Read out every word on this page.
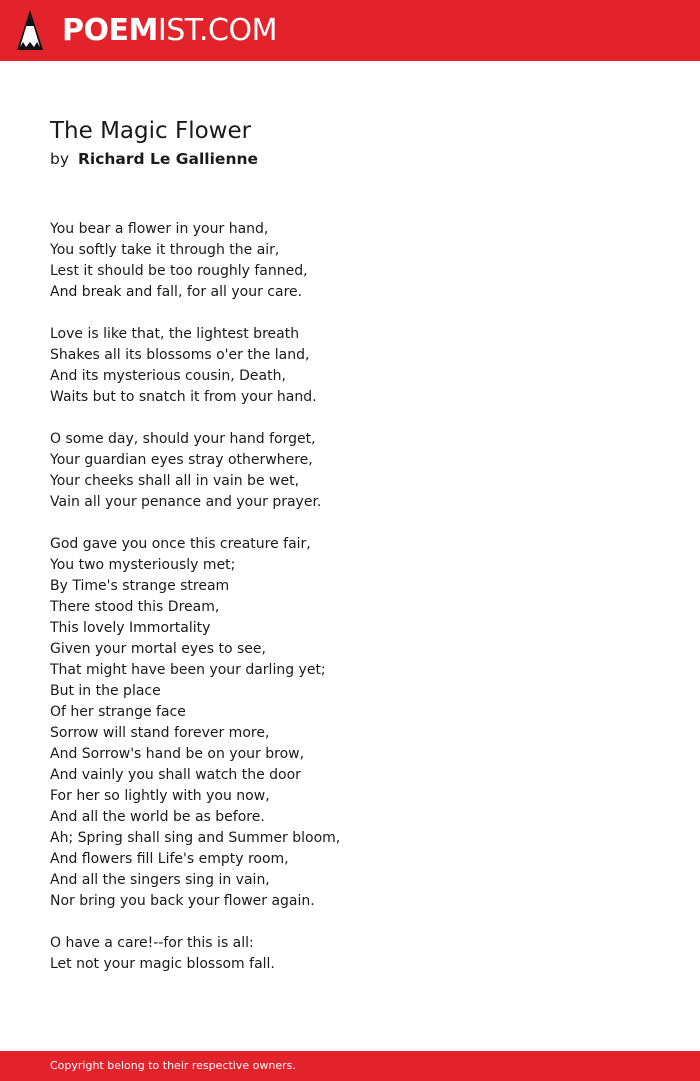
POEMIST.COM
The Magic Flower
by Richard Le Gallienne
You bear a flower in your hand,
You softly take it through the air,
Lest it should be too roughly fanned,
And break and fall, for all your care.
Love is like that, the lightest breath
Shakes all its blossoms o'er the land,
And its mysterious cousin, Death,
Waits but to snatch it from your hand.
O some day, should your hand forget,
Your guardian eyes stray otherwhere,
Your cheeks shall all in vain be wet,
Vain all your penance and your prayer.
God gave you once this creature fair,
You two mysteriously met;
By Time's strange stream
There stood this Dream,
This lovely Immortality
Given your mortal eyes to see,
That might have been your darling yet;
But in the place
Of her strange face
Sorrow will stand forever more,
And Sorrow's hand be on your brow,
And vainly you shall watch the door
For her so lightly with you now,
And all the world be as before.
Ah; Spring shall sing and Summer bloom,
And flowers fill Life's empty room,
And all the singers sing in vain,
Nor bring you back your flower again.
O have a care!--for this is all:
Let not your magic blossom fall.
Copyright belong to their respective owners.
